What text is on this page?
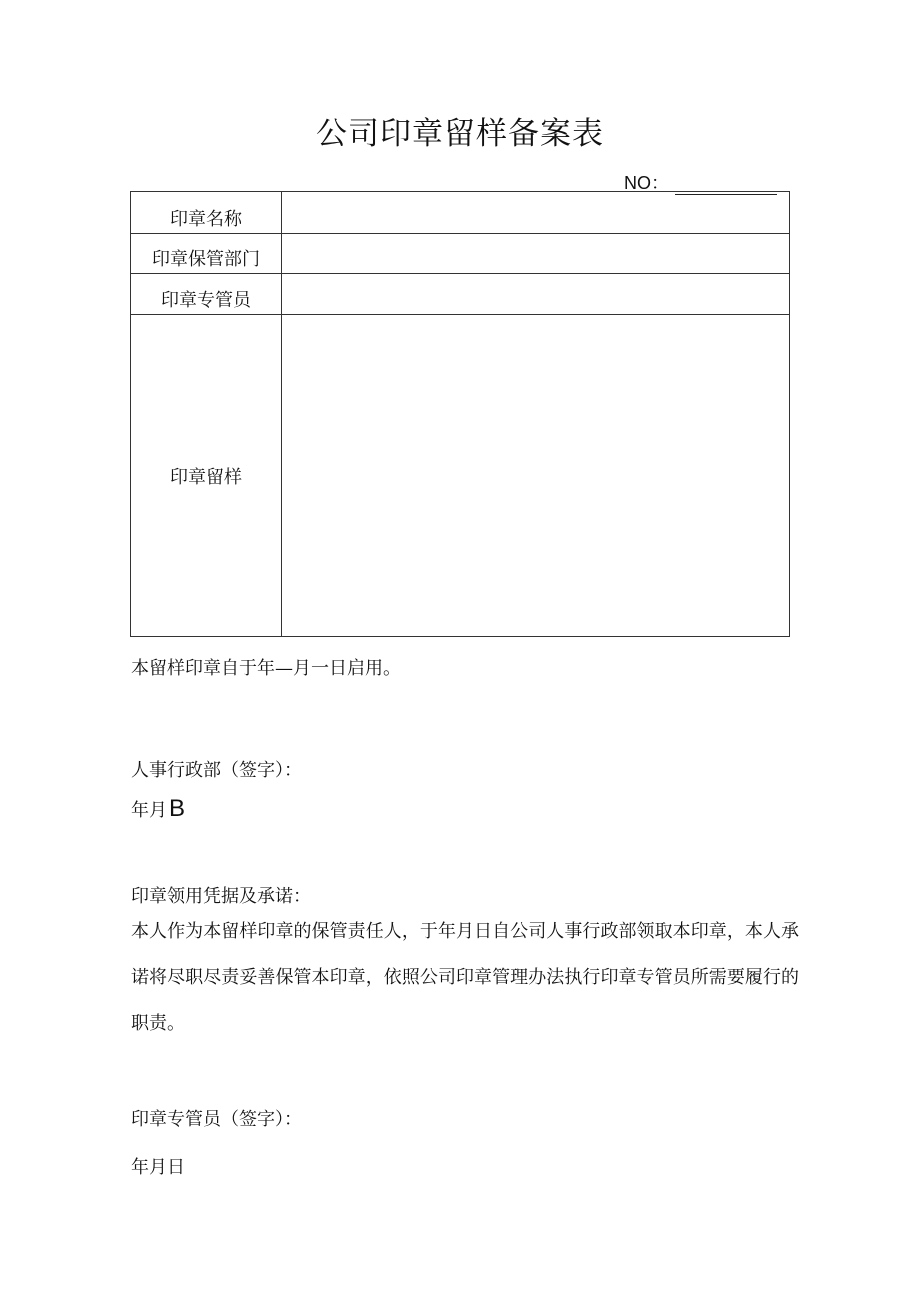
公司印章留样备案表
NO：
印章名称	
印章保管部门	
印章专管员	
印章留样	
本留样印章自于年—月一日启用。
人事行政部（签字）：
年月B
印章领用凭据及承诺：
本人作为本留样印章的保管责任人，于年月日自公司人事行政部领取本印章，本人承诺将尽职尽责妥善保管本印章，依照公司印章管理办法执行印章专管员所需要履行的职责。
印章专管员（签字）：
年月日
